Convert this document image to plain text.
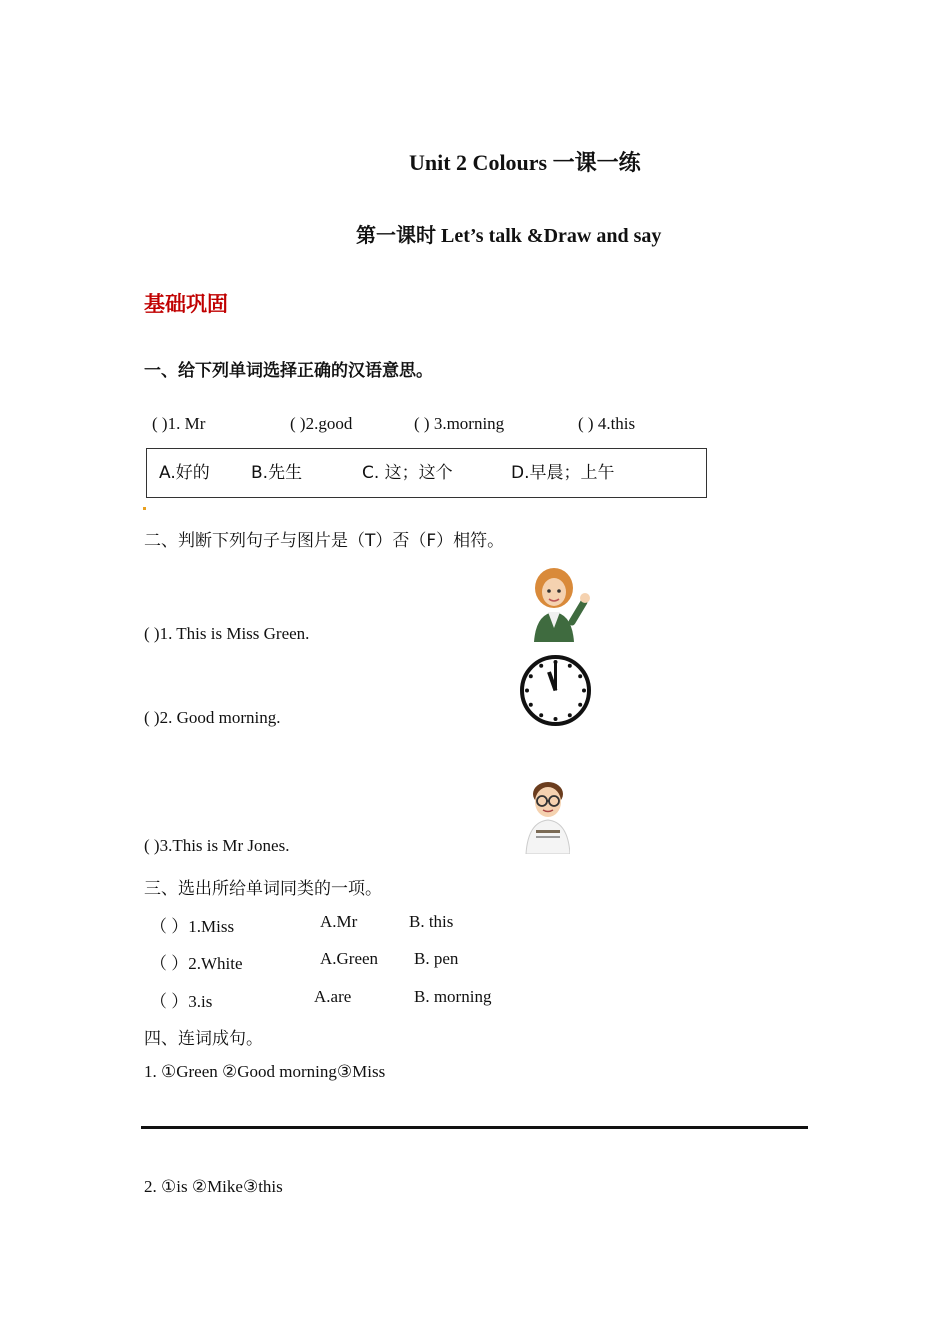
Unit 2 Colours 一课一练
第一课时 Let’s talk &Draw and say
基础巩固
一、给下列单词选择正确的汉语意思。
( )1. Mr	( )2.good	( ) 3.morning	( ) 4.this
A.好的 B.先生	C. 这；这个	D.早晨；上午
二、判断下列句子与图片是（T）否（F）相符。
( )1. This is Miss Green.
( )2. Good morning.
( )3.This is Mr Jones.
三、选出所给单词同类的一项。
（ ）1.Miss	A.Mr	B. this
（ ）2.White	A.Green B. pen
（ ）3.is	A.are	B. morning
四、连词成句。
1. ①Green ②Good morning③Miss
2. ①is ②Mike③this
